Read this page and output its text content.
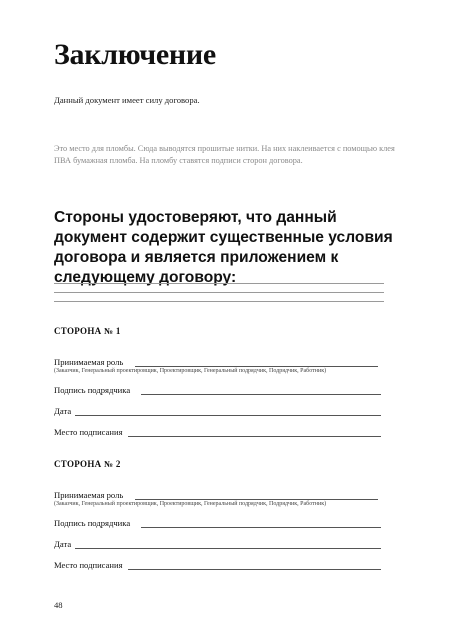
Заключение
Данный документ имеет силу договора.
Это место для пломбы. Сюда выводятся прошитые нитки. На них наклеивается с помощью клея ПВА бумажная пломба. На пломбу ставятся подписи сторон договора.
Стороны удостоверяют, что данный документ содержит существенные условия договора и является приложением к следующему договору:
СТОРОНА № 1
Принимаемая роль
(Заказчик, Генеральный проектировщик, Проектировщик, Генеральный подрядчик, Подрядчик, Работник)
Подпись подрядчика
Дата
Место подписания
СТОРОНА № 2
Принимаемая роль
(Заказчик, Генеральный проектировщик, Проектировщик, Генеральный подрядчик, Подрядчик, Работник)
Подпись подрядчика
Дата
Место подписания
48
